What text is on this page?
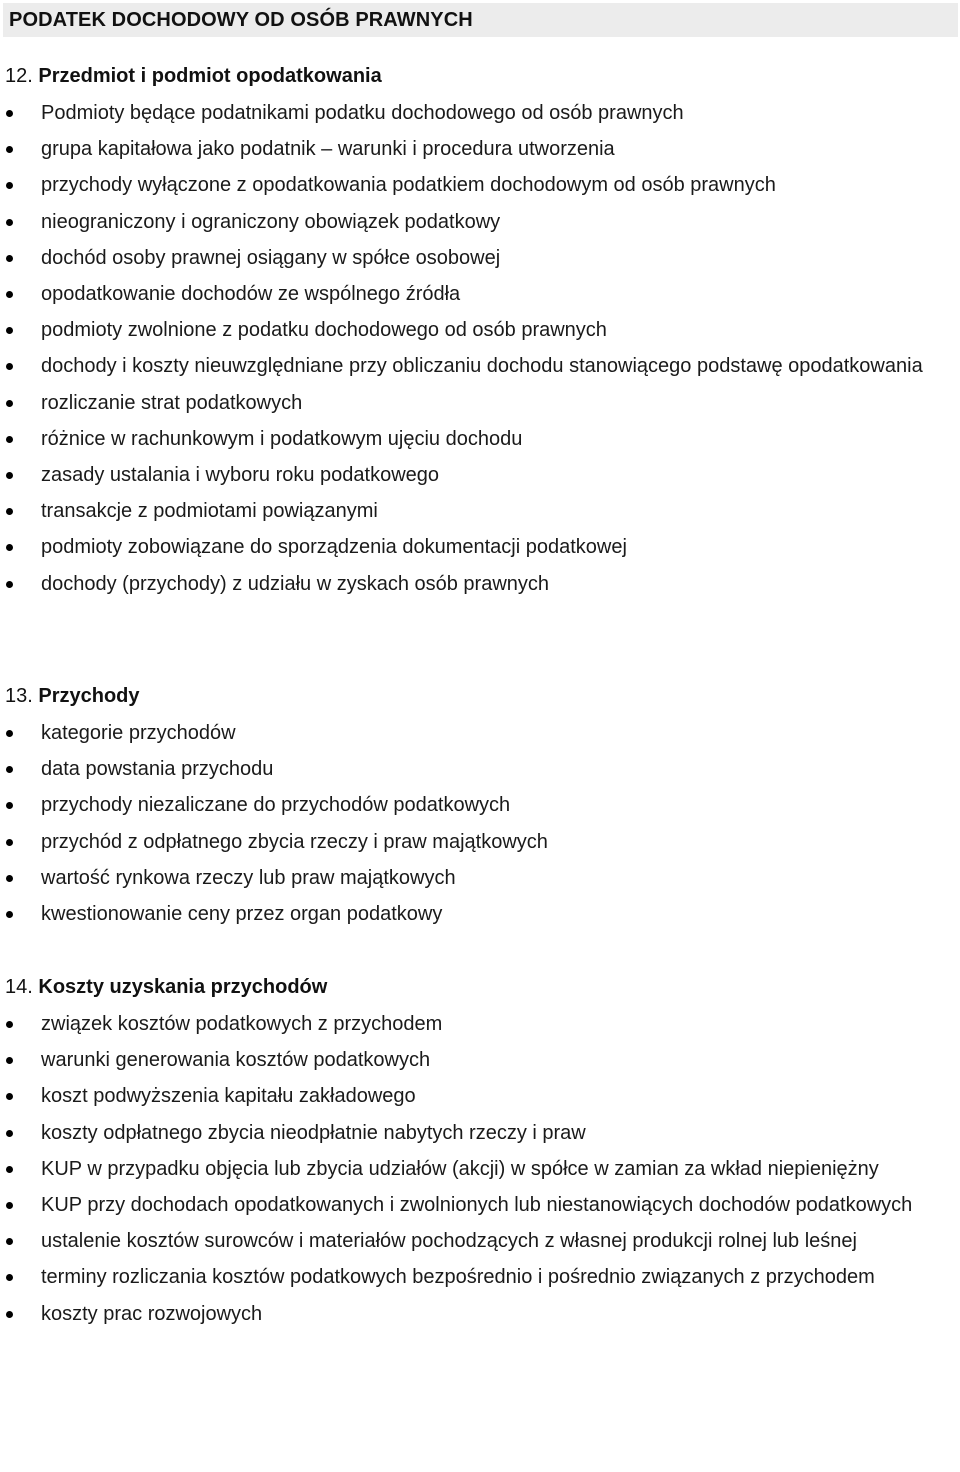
PODATEK DOCHODOWY OD OSÓB PRAWNYCH
12. Przedmiot i podmiot opodatkowania
Podmioty będące podatnikami podatku dochodowego od osób prawnych
grupa kapitałowa jako podatnik – warunki i procedura utworzenia
przychody wyłączone z opodatkowania podatkiem dochodowym od osób prawnych
nieograniczony i ograniczony obowiązek podatkowy
dochód osoby prawnej osiągany w spółce osobowej
opodatkowanie dochodów ze wspólnego źródła
podmioty zwolnione z podatku dochodowego od osób prawnych
dochody i koszty nieuwzględniane przy obliczaniu dochodu stanowiącego podstawę opodatkowania
rozliczanie strat podatkowych
różnice w rachunkowym i podatkowym ujęciu dochodu
zasady ustalania i wyboru roku podatkowego
transakcje z podmiotami powiązanymi
podmioty zobowiązane do sporządzenia dokumentacji podatkowej
dochody (przychody) z udziału w zyskach osób prawnych
13. Przychody
kategorie przychodów
data powstania przychodu
przychody niezaliczane do przychodów podatkowych
przychód z odpłatnego zbycia rzeczy i praw majątkowych
wartość rynkowa rzeczy lub praw majątkowych
kwestionowanie ceny przez organ podatkowy
14. Koszty uzyskania przychodów
związek kosztów podatkowych z przychodem
warunki generowania kosztów podatkowych
koszt podwyższenia kapitału zakładowego
koszty odpłatnego zbycia nieodpłatnie nabytych rzeczy i praw
KUP w przypadku objęcia lub zbycia udziałów (akcji) w spółce w zamian za wkład niepieniężny
KUP przy dochodach opodatkowanych i zwolnionych lub niestanowiących dochodów podatkowych
ustalenie kosztów surowców i materiałów pochodzących z własnej produkcji rolnej lub leśnej
terminy rozliczania kosztów podatkowych bezpośrednio i pośrednio związanych z przychodem
koszty prac rozwojowych
